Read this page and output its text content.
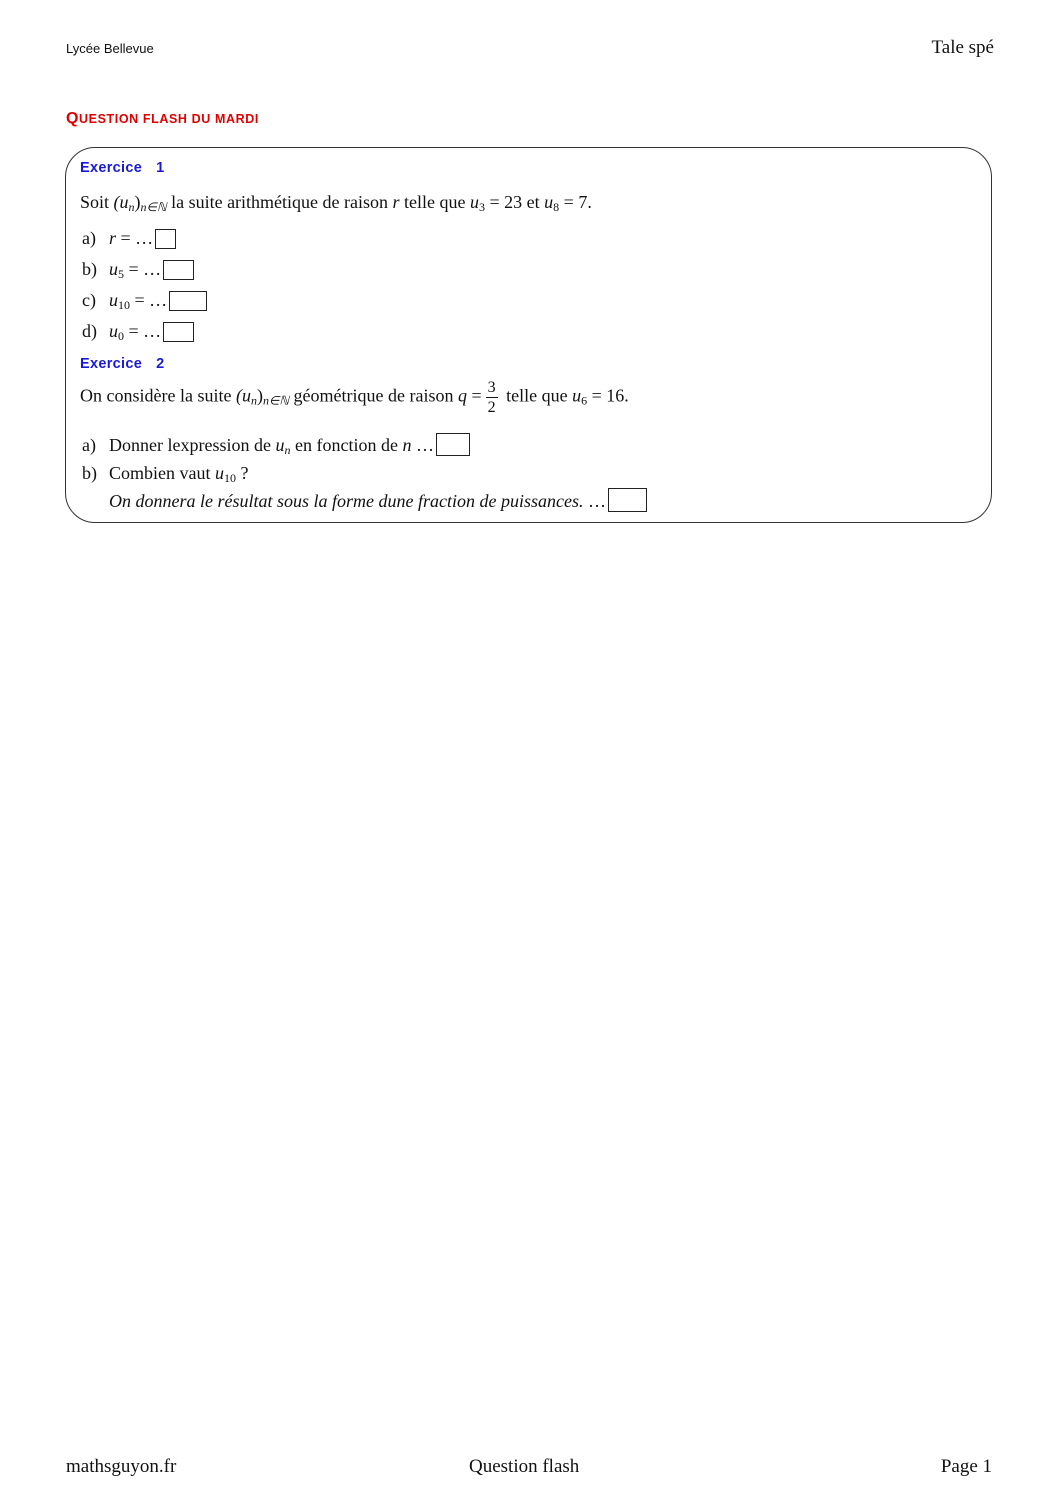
Lycée Bellevue	Tale spé
QUESTION FLASH DU MARDI
Exercice 1
Soit $(u_n)_{n\in ℕ}$ la suite arithmétique de raison r telle que $u_3 = 23$ et $u_8 = 7$.
a) r = …
b) $u_5$ = …
c) $u_{10}$ = …
d) $u_0$ = …
Exercice 2
On considère la suite $(u_n)_{n\in ℕ}$ géométrique de raison $q = \frac{3}{2}$ telle que $u_6 = 16$.
a) Donner lexpression de $u_n$ en fonction de n …
b) Combien vaut $u_{10}$ ?
On donnera le résultat sous la forme dune fraction de puissances. …
mathsguyon.fr	Question flash	Page 1
